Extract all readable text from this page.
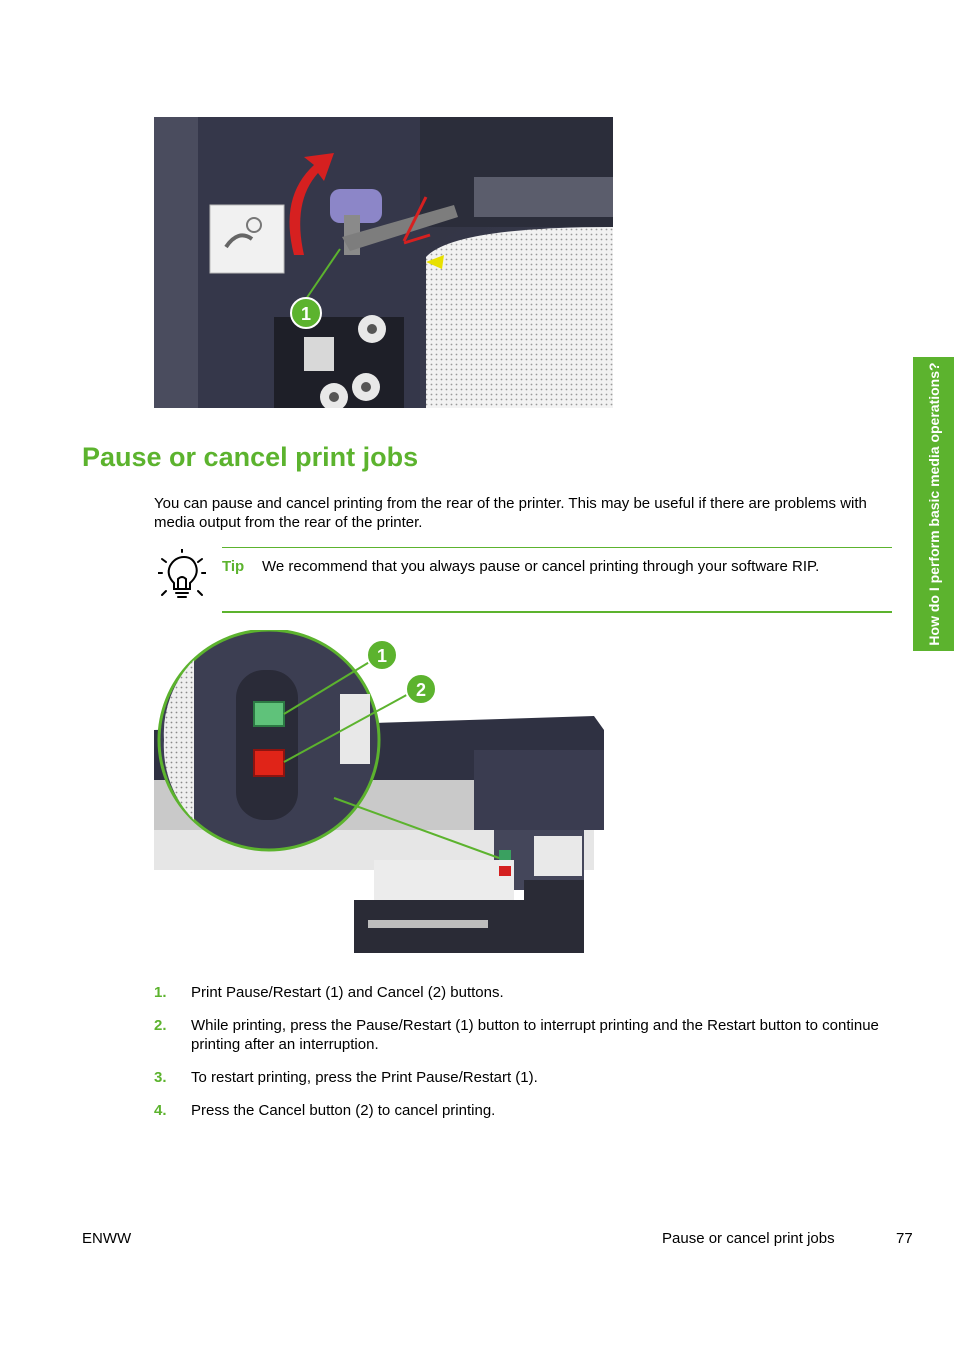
1
Pause or cancel print jobs
You can pause and cancel printing from the rear of the printer. This may be useful if there are problems with media output from the rear of the printer.
Tip We recommend that you always pause or cancel printing through your software RIP.
1
2
1. Print Pause/Restart (1) and Cancel (2) buttons.
2. While printing, press the Pause/Restart (1) button to interrupt printing and the Restart button to continue printing after an interruption.
3. To restart printing, press the Print Pause/Restart (1).
4. Press the Cancel button (2) to cancel printing.
How do I perform basic media operations?
ENWW	Pause or cancel print jobs	77
